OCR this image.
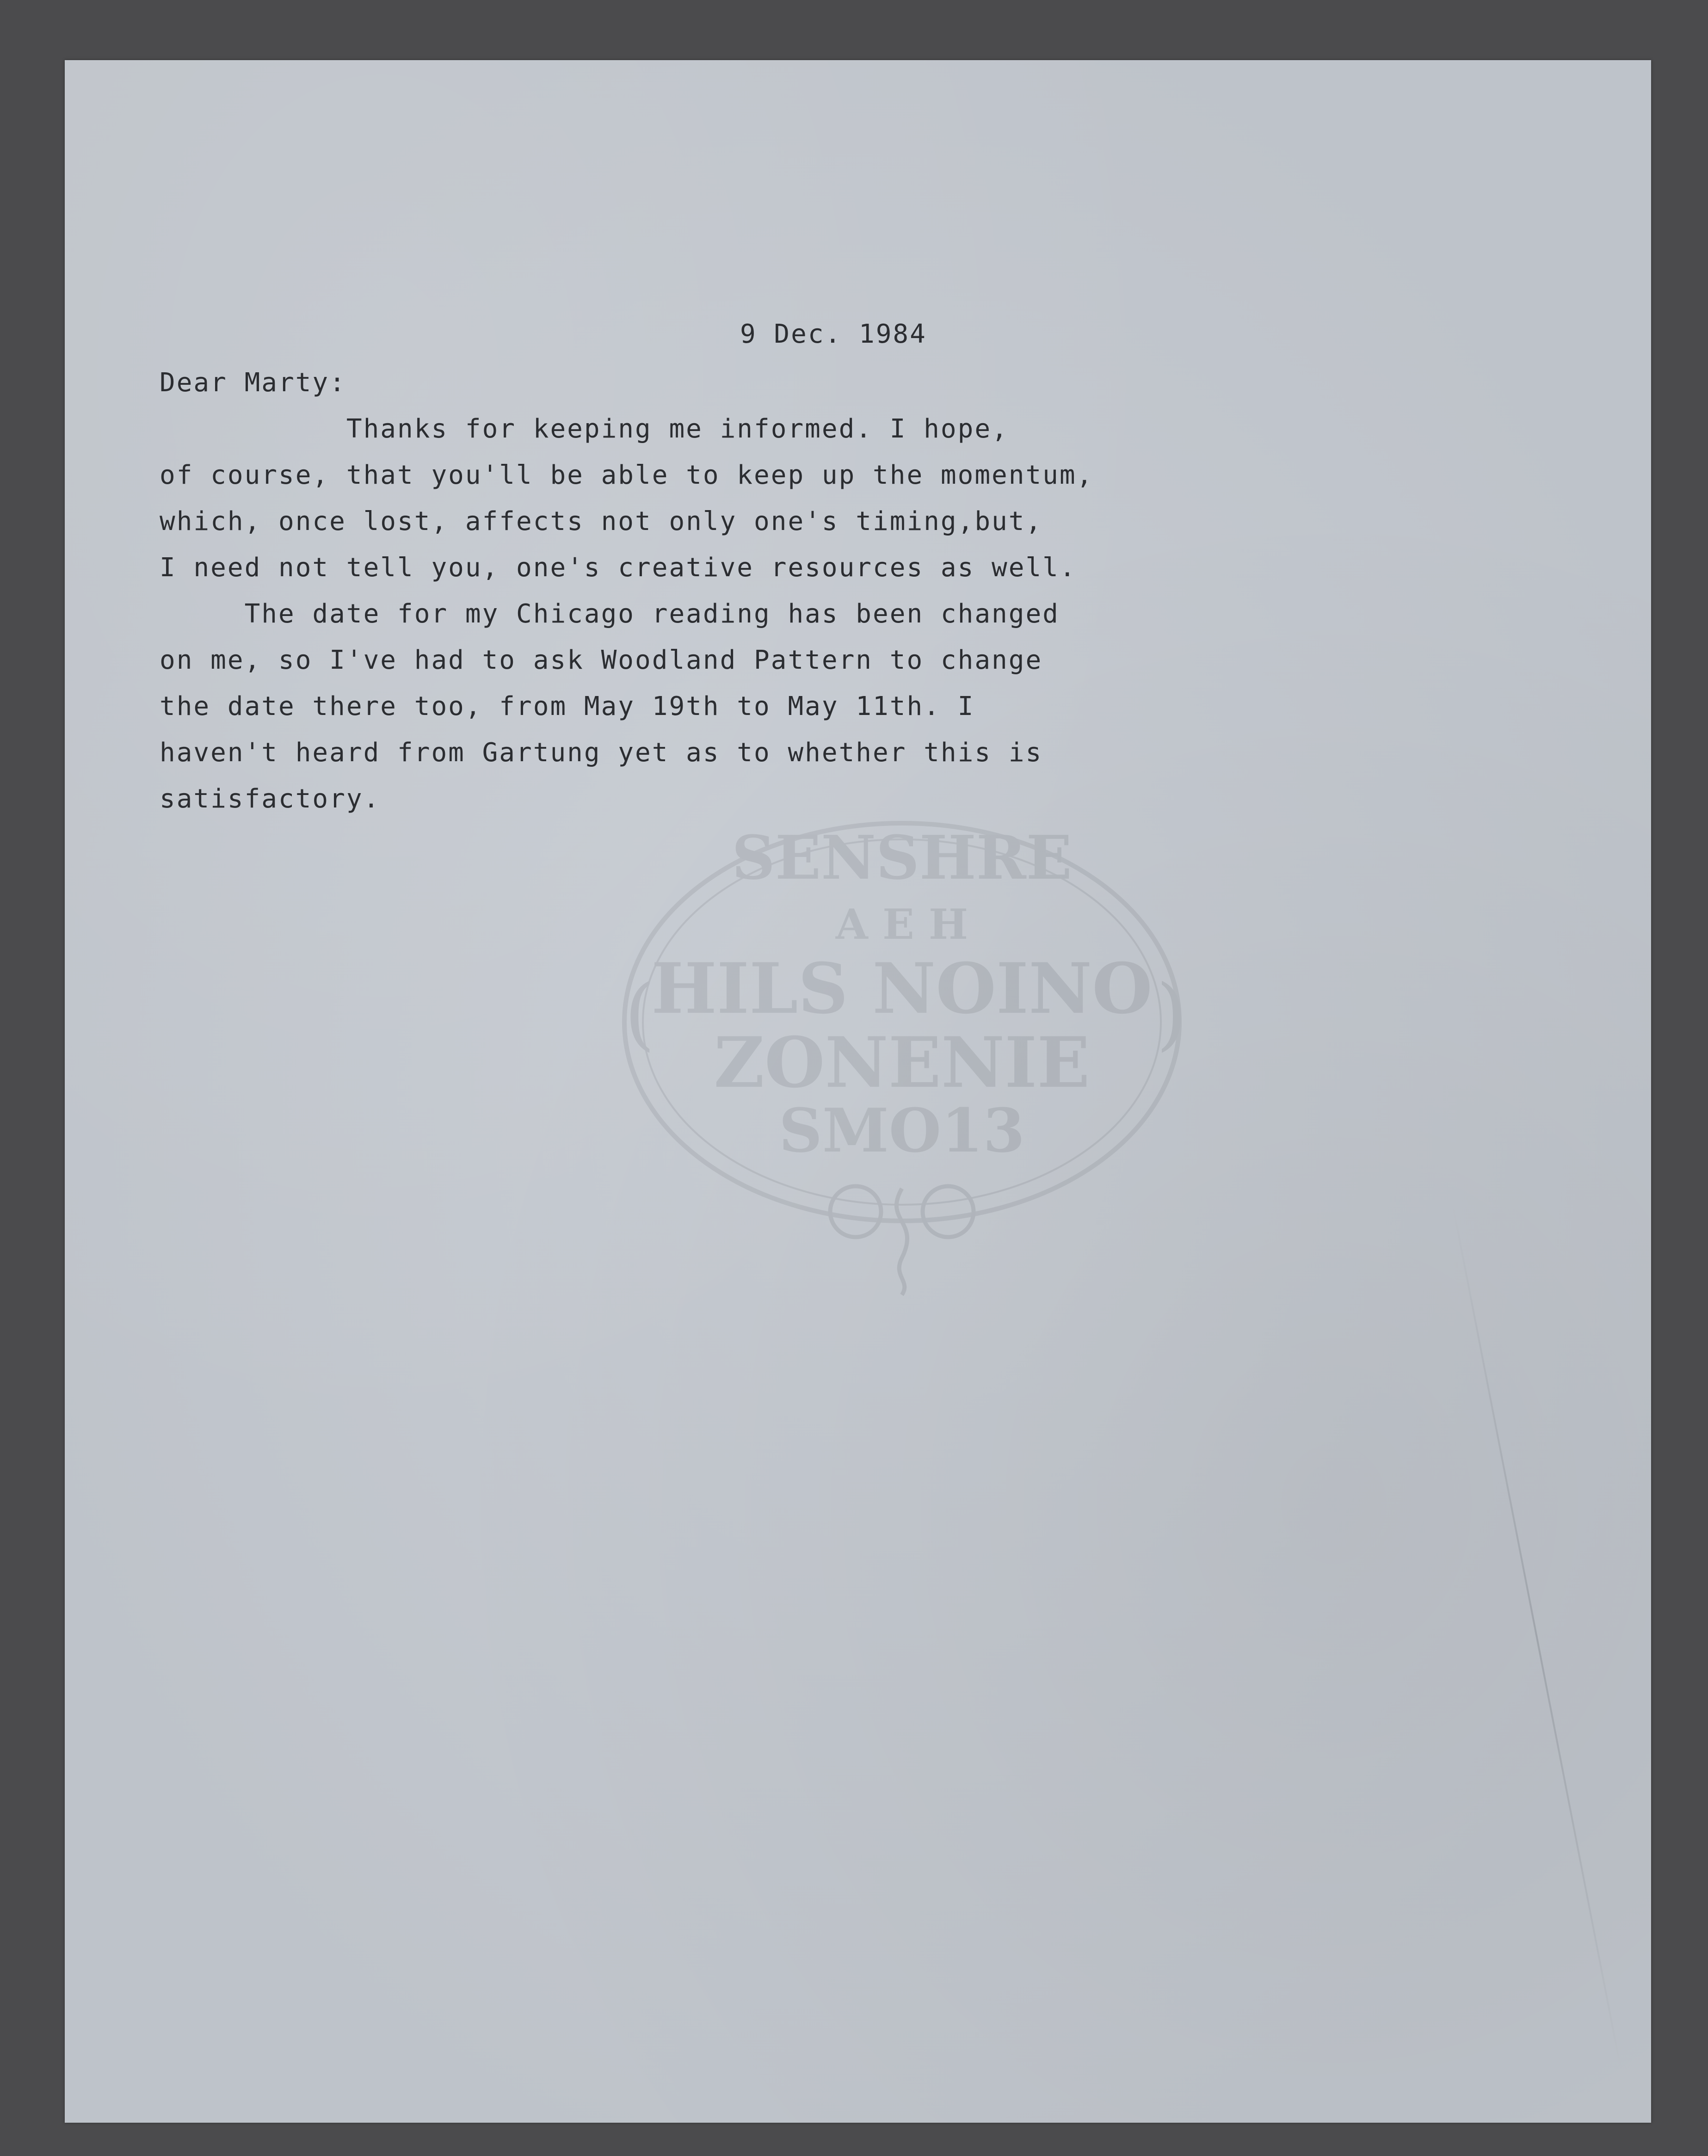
SENSHRE
A E H
HILS NOINO
ZONENIE
SMO13
(	)
9 Dec. 1984
Dear Marty:
Thanks for keeping me informed. I hope,
of course, that you'll be able to keep up the momentum,
which, once lost, affects not only one's timing,but,
I need not tell you, one's creative resources as well.
The date for my Chicago reading has been changed
on me, so I've had to ask Woodland Pattern to change
the date there too, from May 19th to May 11th. I
haven't heard from Gartung yet as to whether this is
satisfactory.
